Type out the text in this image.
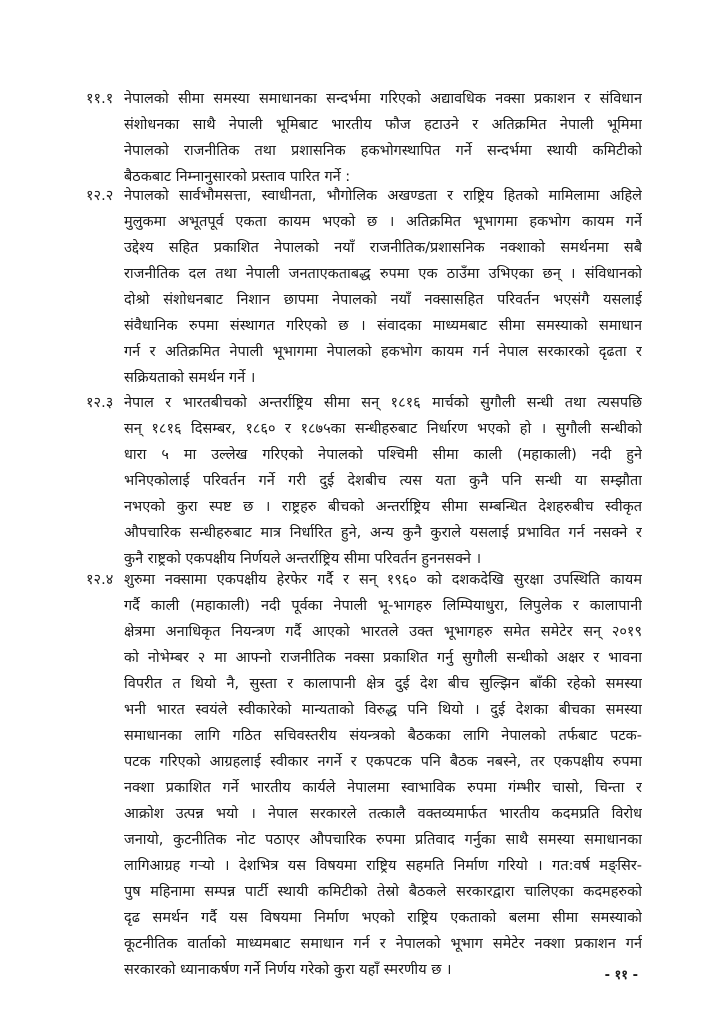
११.१ नेपालको सीमा समस्या समाधानका सन्दर्भमा गरिएको अद्यावधिक नक्सा प्रकाशन र संविधान
संशोधनका साथै नेपाली भूमिबाट भारतीय फौज हटाउने र अतिक्रमित नेपाली भूमिमा
नेपालको राजनीतिक तथा प्रशासनिक हकभोगस्थापित गर्ने सन्दर्भमा स्थायी कमिटीको
बैठकबाट निम्नानुसारको प्रस्ताव पारित गर्ने :
१२.२ नेपालको सार्वभौमसत्ता, स्वाधीनता, भौगोलिक अखण्डता र राष्ट्रिय हितको मामिलामा अहिले
मुलुकमा अभूतपूर्व एकता कायम भएको छ । अतिक्रमित भूभागमा हकभोग कायम गर्ने
उद्देश्य सहित प्रकाशित नेपालको नयाँ राजनीतिक/प्रशासनिक नक्शाको समर्थनमा सबै
राजनीतिक दल तथा नेपाली जनताएकताबद्ध रुपमा एक ठाउँमा उभिएका छन् । संविधानको
दोश्रो संशोधनबाट निशान छापमा नेपालको नयाँ नक्सासहित परिवर्तन भएसंगै यसलाई
संवैधानिक रुपमा संस्थागत गरिएको छ । संवादका माध्यमबाट सीमा समस्याको समाधान
गर्न र अतिक्रमित नेपाली भूभागमा नेपालको हकभोग कायम गर्न नेपाल सरकारको दृढता र
सक्रियताको समर्थन गर्ने ।
१२.३ नेपाल र भारतबीचको अन्तर्राष्ट्रिय सीमा सन् १८१६ मार्चको सुगौली सन्धी तथा त्यसपछि
सन् १८१६ दिसम्बर, १८६० र १८७५का सन्धीहरुबाट निर्धारण भएको हो । सुगौली सन्धीको
धारा ५ मा उल्लेख गरिएको नेपालको पश्चिमी सीमा काली (महाकाली) नदी हुने
भनिएकोलाई परिवर्तन गर्ने गरी दुई देशबीच त्यस यता कुनै पनि सन्धी या सम्झौता
नभएको कुरा स्पष्ट छ । राष्ट्रहरु बीचको अन्तर्राष्ट्रिय सीमा सम्बन्धित देशहरुबीच स्वीकृत
औपचारिक सन्धीहरुबाट मात्र निर्धारित हुने, अन्य कुनै कुराले यसलाई प्रभावित गर्न नसक्ने र
कुनै राष्ट्रको एकपक्षीय निर्णयले अन्तर्राष्ट्रिय सीमा परिवर्तन हुननसक्ने ।
१२.४ शुरुमा नक्सामा एकपक्षीय हेरफेर गर्दै र सन् १९६० को दशकदेखि सुरक्षा उपस्थिति कायम
गर्दै काली (महाकाली) नदी पूर्वका नेपाली भू-भागहरु लिम्पियाधुरा, लिपुलेक र कालापानी
क्षेत्रमा अनाधिकृत नियन्त्रण गर्दै आएको भारतले उक्त भूभागहरु समेत समेटेर सन् २०१९
को नोभेम्बर २ मा आफ्नो राजनीतिक नक्सा प्रकाशित गर्नु सुगौली सन्धीको अक्षर र भावना
विपरीत त थियो नै, सुस्ता र कालापानी क्षेत्र दुई देश बीच सुल्झिन बाँकी रहेको समस्या
भनी भारत स्वयंले स्वीकारेको मान्यताको विरुद्ध पनि थियो । दुई देशका बीचका समस्या
समाधानका लागि गठित सचिवस्तरीय संयन्त्रको बैठकका लागि नेपालको तर्फबाट पटक-
पटक गरिएको आग्रहलाई स्वीकार नगर्ने र एकपटक पनि बैठक नबस्ने, तर एकपक्षीय रुपमा
नक्शा प्रकाशित गर्ने भारतीय कार्यले नेपालमा स्वाभाविक रुपमा गंम्भीर चासो, चिन्ता र
आक्रोश उत्पन्न भयो । नेपाल सरकारले तत्कालै वक्तव्यमार्फत भारतीय कदमप्रति विरोध
जनायो, कुटनीतिक नोट पठाएर औपचारिक रुपमा प्रतिवाद गर्नुका साथै समस्या समाधानका
लागिआग्रह गऱ्यो । देशभित्र यस विषयमा राष्ट्रिय सहमति निर्माण गरियो । गत:वर्ष मङ्सिर-
पुष महिनामा सम्पन्न पार्टी स्थायी कमिटीको तेस्रो बैठकले सरकारद्वारा चालिएका कदमहरुको
दृढ समर्थन गर्दै यस विषयमा निर्माण भएको राष्ट्रिय एकताको बलमा सीमा समस्याको
कूटनीतिक वार्ताको माध्यमबाट समाधान गर्न र नेपालको भूभाग समेटेर नक्शा प्रकाशन गर्न
सरकारको ध्यानाकर्षण गर्ने निर्णय गरेको कुरा यहाँ स्मरणीय छ ।	- ११ -
